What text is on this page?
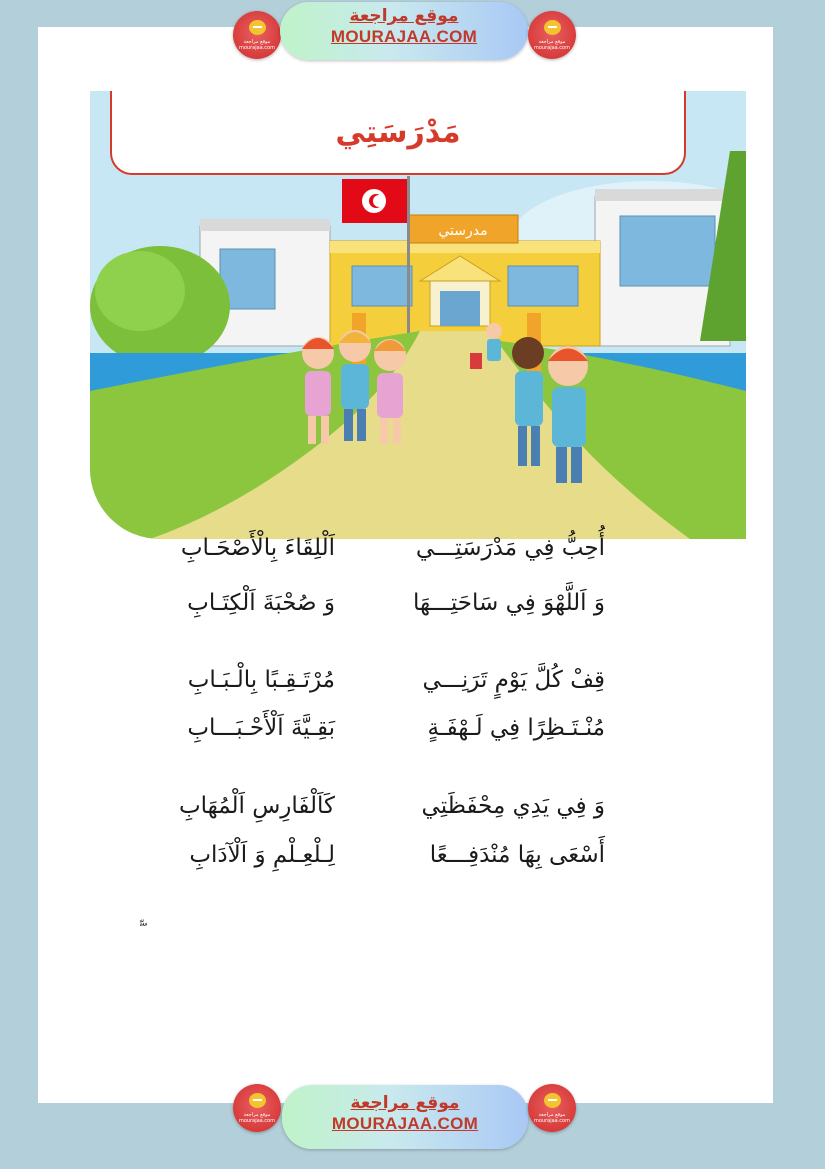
موقع مراجعة mourajaa.com
موقع مراجعة
MOURAJAA.COM	موقع مراجعة mourajaa.com
مدرستي
مَدْرَسَتِي
أُحِبُّ فِي مَدْرَسَتِـــي
اَلْلِقَاءَ بِالْأَصْحَـابِ
وَ اَللَّهْوَ فِي سَاحَتِـــهَا
وَ صُحْبَةَ اَلْكِتَـابِ
قِفْ كُلَّ يَوْمٍ تَرَنِـــي
مُرْتَـقِـبًا بِالْـبَـابِ
مُنْـتَـظِرًا فِي لَـهْفَـةٍ
بَقِـيَّةَ اَلْأَحْـبَـــابِ
وَ فِي يَدِي مِحْفَظَتِي
كَاَلْفَارِسِ اَلْمُهَابِ
أَسْعَى بِهَا مُنْدَفِـــعًا
لِـلْعِـلْمِ وَ اَلْآدَابِ
ّ ّ ّ
موقع مراجعة mourajaa.com
موقع مراجعة
MOURAJAA.COM	موقع مراجعة mourajaa.com
